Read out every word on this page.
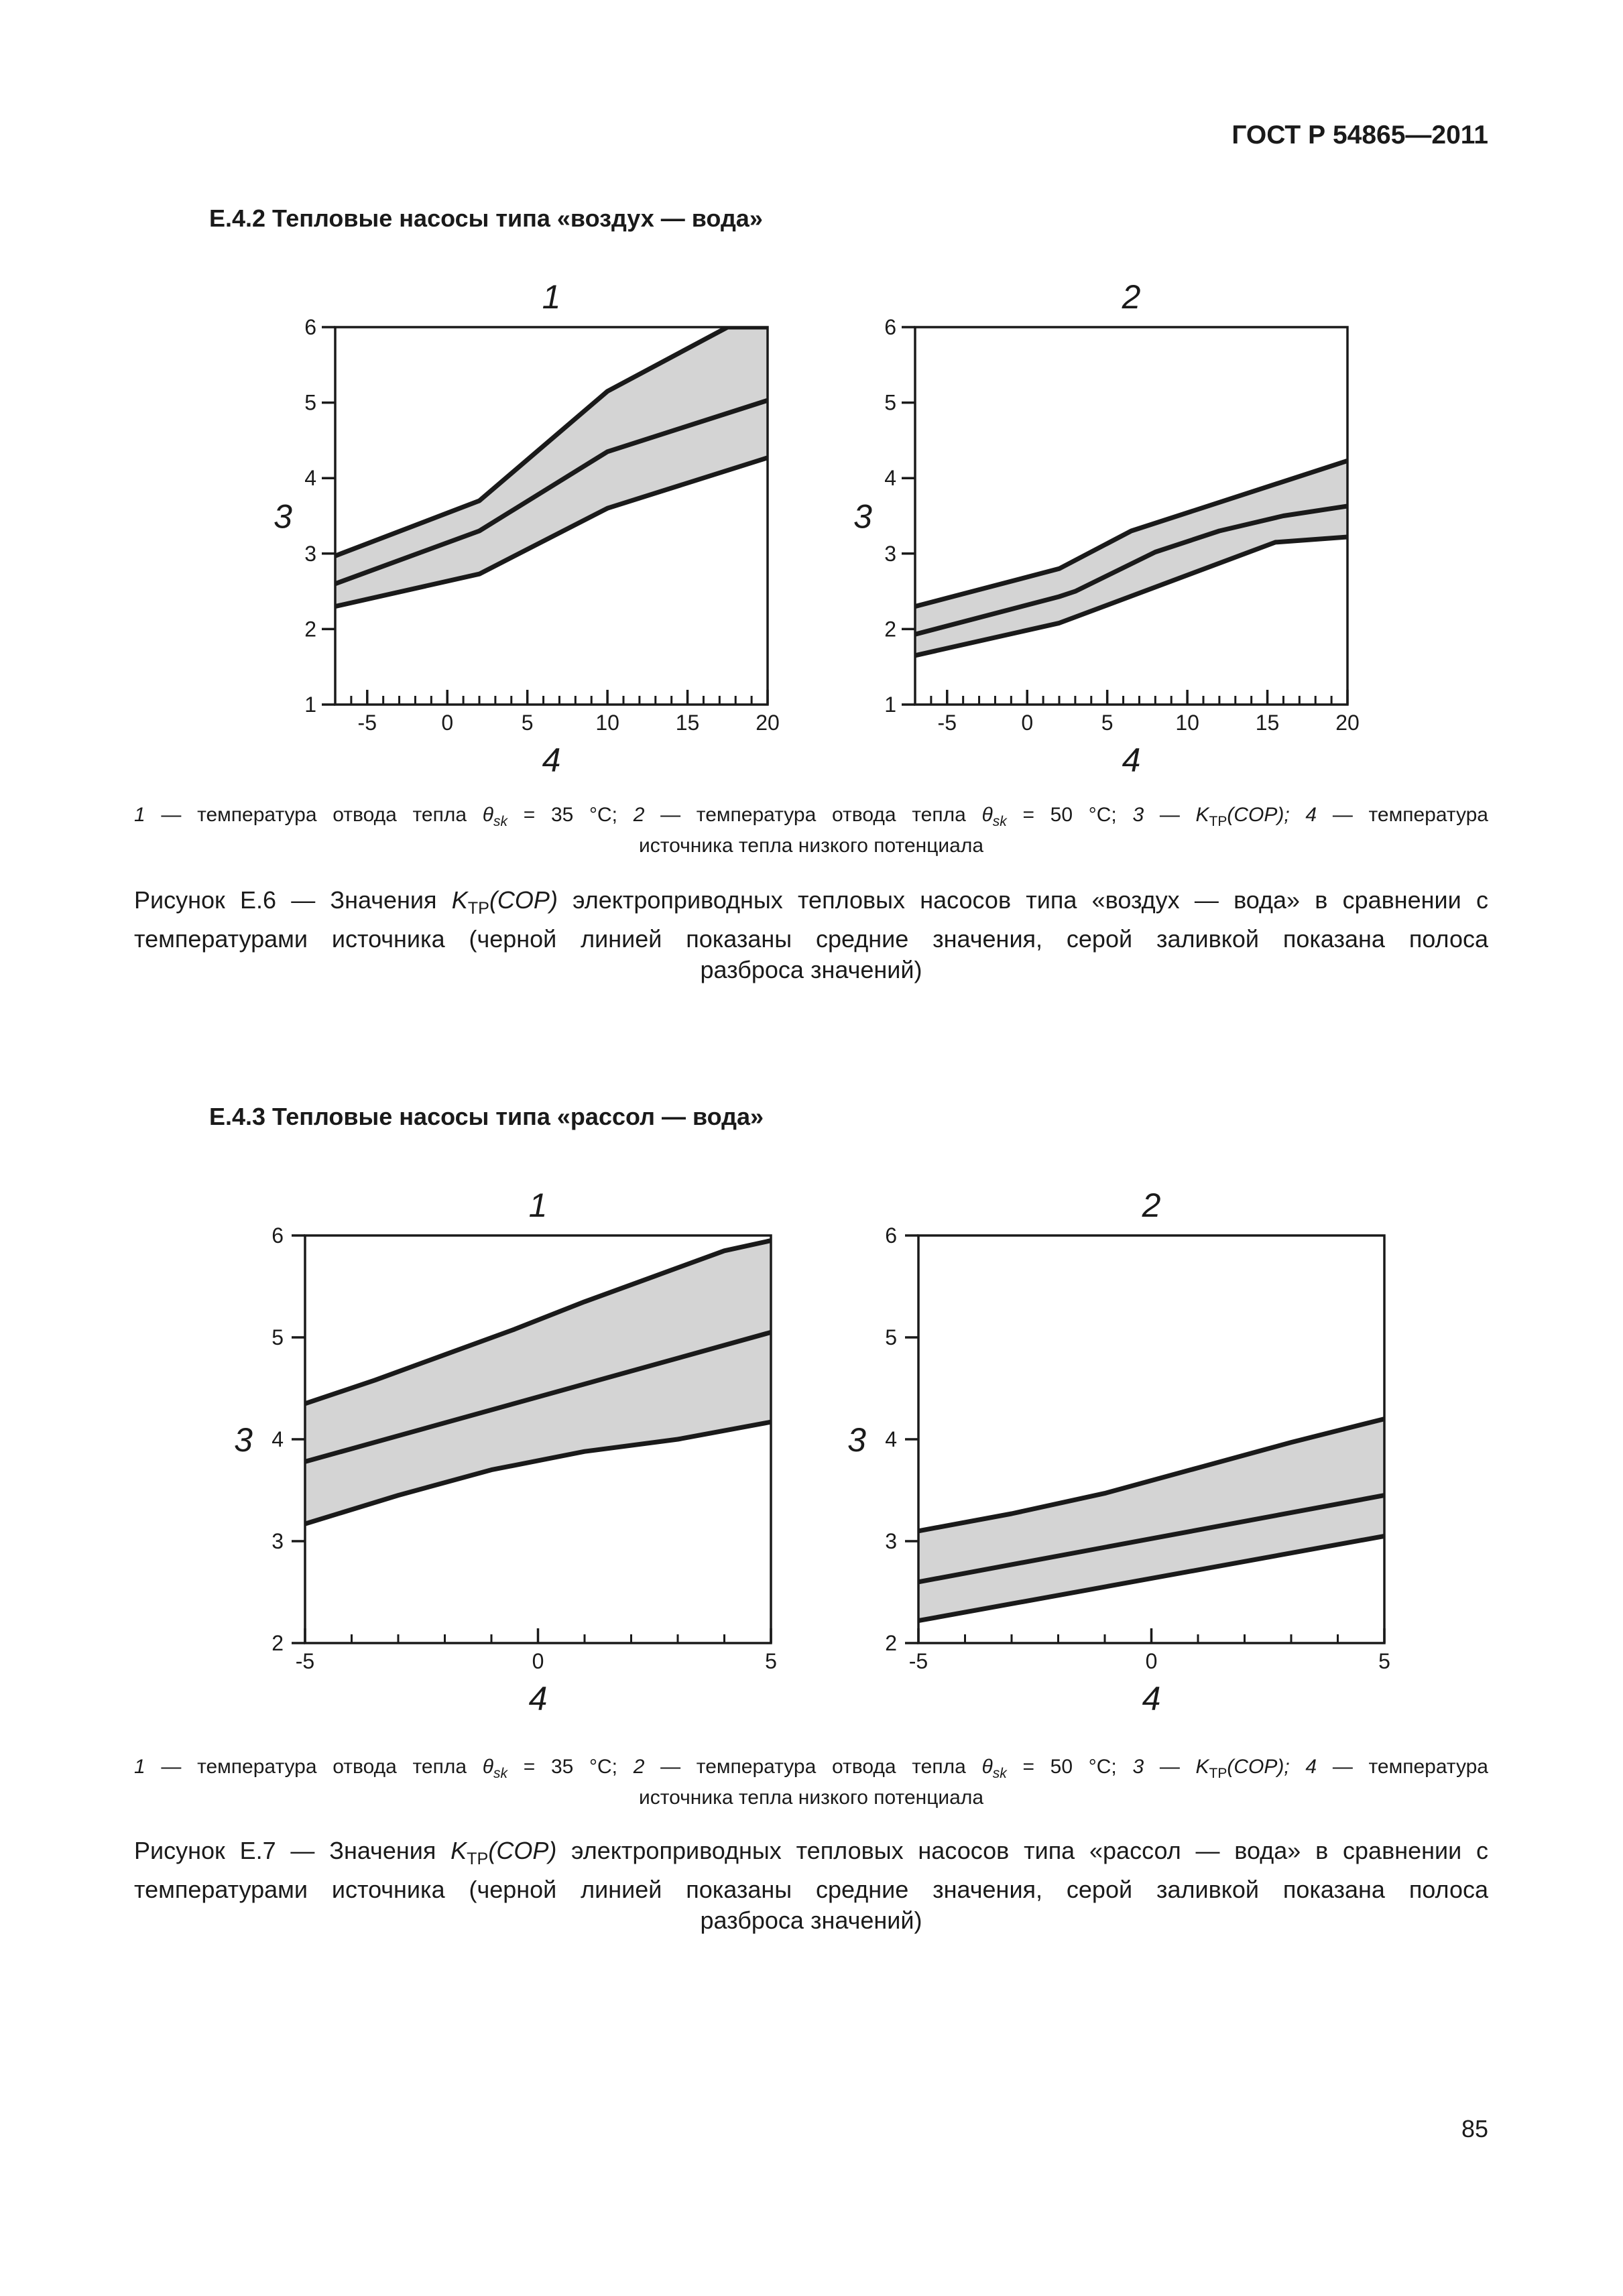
ГОСТ Р 54865—2011
Е.4.2 Тепловые насосы типа «воздух — вода»
-5	0	5	10	15	20
1
2
3
4
5
6
1
4
3
-5	0	5	10	15	20
1
2
3
4
5
6
2
4
3
1 — температура отвода тепла $\theta_{sk} = 35$ °С; 2 — температура отвода тепла $\theta_{sk} = 50$ °С; 3 — $K_{ТР}(COP)$; 4 — температура
источника тепла низкого потенциала
Рисунок Е.6 — Значения $K_{ТР}(COP)$ электроприводных тепловых насосов типа «воздух — вода» в сравнении с
температурами источника (черной линией показаны средние значения, серой заливкой показана полоса
разброса значений)
Е.4.3 Тепловые насосы типа «рассол — вода»
-5	0	5
2
3
4
5
6
1
4
3
-5	0	5
2
3
4
5
6
2
4
3
1 — температура отвода тепла $\theta_{sk} = 35$ °С; 2 — температура отвода тепла $\theta_{sk} = 50$ °С; 3 — $K_{ТР}(COP)$; 4 — температура
источника тепла низкого потенциала
Рисунок Е.7 — Значения $K_{ТР}(COP)$ электроприводных тепловых насосов типа «рассол — вода» в сравнении с
температурами источника (черной линией показаны средние значения, серой заливкой показана полоса
разброса значений)
85
